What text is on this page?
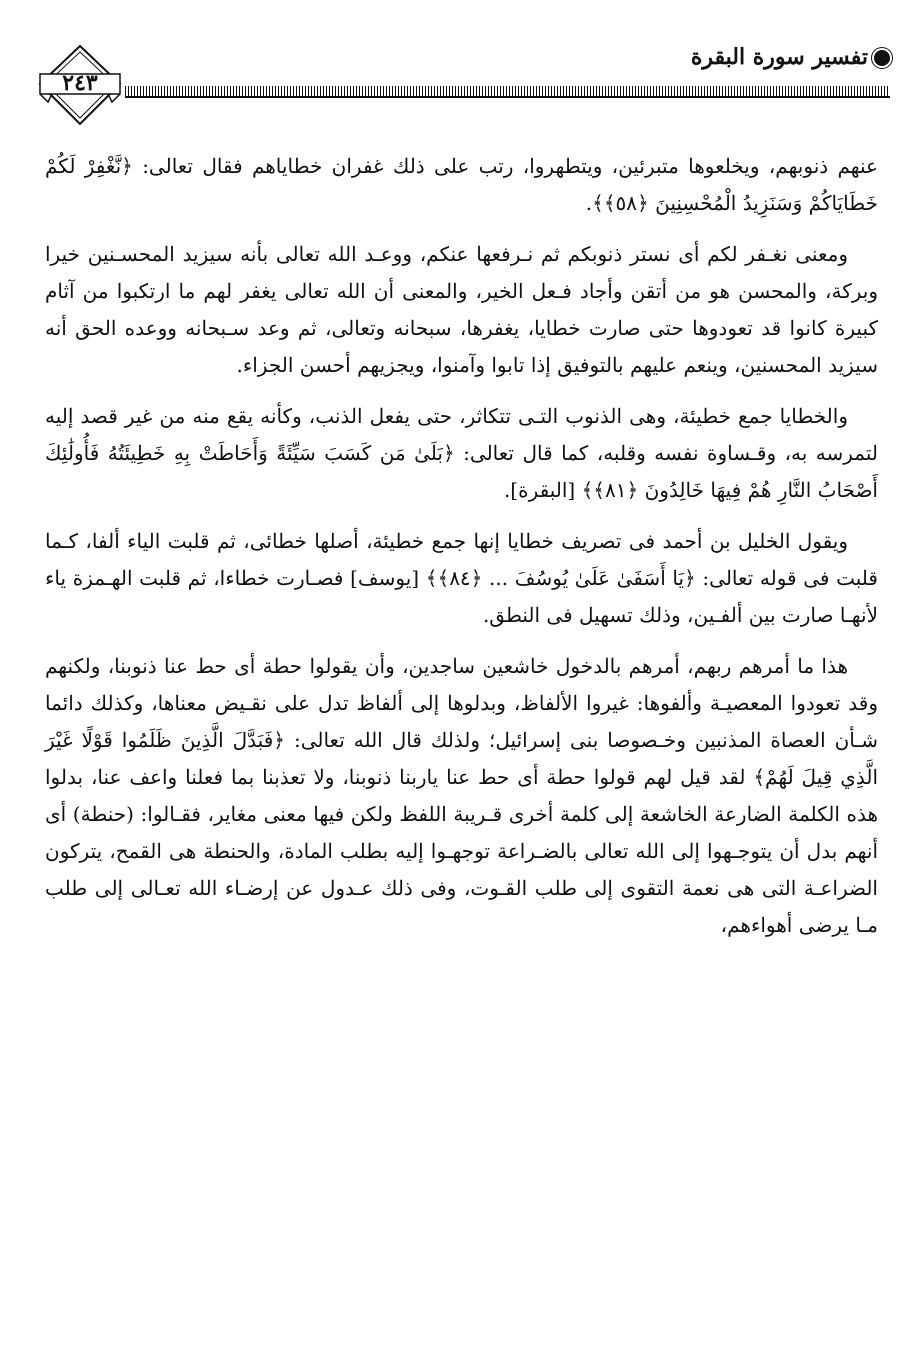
تفسير سورة البقرة
٢٤٣

عنهم ذنوبهم، ويخلعوها متبرئين، ويتطهروا، رتب على ذلك غفران خطاياهم فقال تعالى: ﴿نَّغْفِرْ لَكُمْ خَطَايَاكُمْ وَسَنَزِيدُ الْمُحْسِنِينَ ﴿٥٨﴾﴾.

ومعنى نغـفر لكم أى نستر ذنوبكم ثم نـرفعها عنكم، ووعـد الله تعالى بأنه سيزيد المحسـنين خيرا وبركة، والمحسن هو من أتقن وأجاد فـعل الخير، والمعنى أن الله تعالى يغفر لهم ما ارتكبوا من آثام كبيرة كانوا قد تعودوها حتى صارت خطايا، يغفرها، سبحانه وتعالى، ثم وعد سـبحانه ووعده الحق أنه سيزيد المحسنين، وينعم عليهم بالتوفيق إذا تابوا وآمنوا، ويجزيهم أحسن الجزاء.

والخطايا جمع خطيئة، وهى الذنوب التـى تتكاثر، حتى يفعل الذنب، وكأنه يقع منه من غير قصد إليه لتمرسه به، وقـساوة نفسه وقلبه، كما قال تعالى: ﴿بَلَىٰ مَن كَسَبَ سَيِّئَةً وَأَحَاطَتْ بِهِ خَطِيئَتُهُ فَأُولَٰئِكَ أَصْحَابُ النَّارِ هُمْ فِيهَا خَالِدُونَ ﴿٨١﴾﴾ [البقرة].

ويقول الخليل بن أحمد فى تصريف خطايا إنها جمع خطيئة، أصلها خطائى، ثم قلبت الياء ألفا، كـما قلبت فى قوله تعالى: ﴿يَا أَسَفَىٰ عَلَىٰ يُوسُفَ ... ﴿٨٤﴾﴾ [يوسف] فصـارت خطاءا، ثم قلبت الهـمزة ياء لأنهـا صارت بين ألفـين، وذلك تسهيل فى النطق.

هذا ما أمرهم ربهم، أمرهم بالدخول خاشعين ساجدين، وأن يقولوا حطة أى حط عنا ذنوبنا، ولكنهم وقد تعودوا المعصيـة وألفوها: غيروا الألفاظ، وبدلوها إلى ألفاظ تدل على نقـيض معناها، وكذلك دائما شـأن العصاة المذنبين وخـصوصا بنى إسرائيل؛ ولذلك قال الله تعالى: ﴿فَبَدَّلَ الَّذِينَ ظَلَمُوا قَوْلًا غَيْرَ الَّذِي قِيلَ لَهُمْ﴾ لقد قيل لهم قولوا حطة أى حط عنا ياربنا ذنوبنا، ولا تعذبنا بما فعلنا واعف عنا، بدلوا هذه الكلمة الضارعة الخاشعة إلى كلمة أخرى قـريبة اللفظ ولكن فيها معنى مغاير، فقـالوا: (حنطة) أى أنهم بدل أن يتوجـهوا إلى الله تعالى بالضـراعة توجهـوا إليه بطلب المادة، والحنطة هى القمح، يتركون الضراعـة التى هى نعمة التقوى إلى طلب القـوت، وفى ذلك عـدول عن إرضـاء الله تعـالى إلى طلب مـا يرضى أهواءهم،
